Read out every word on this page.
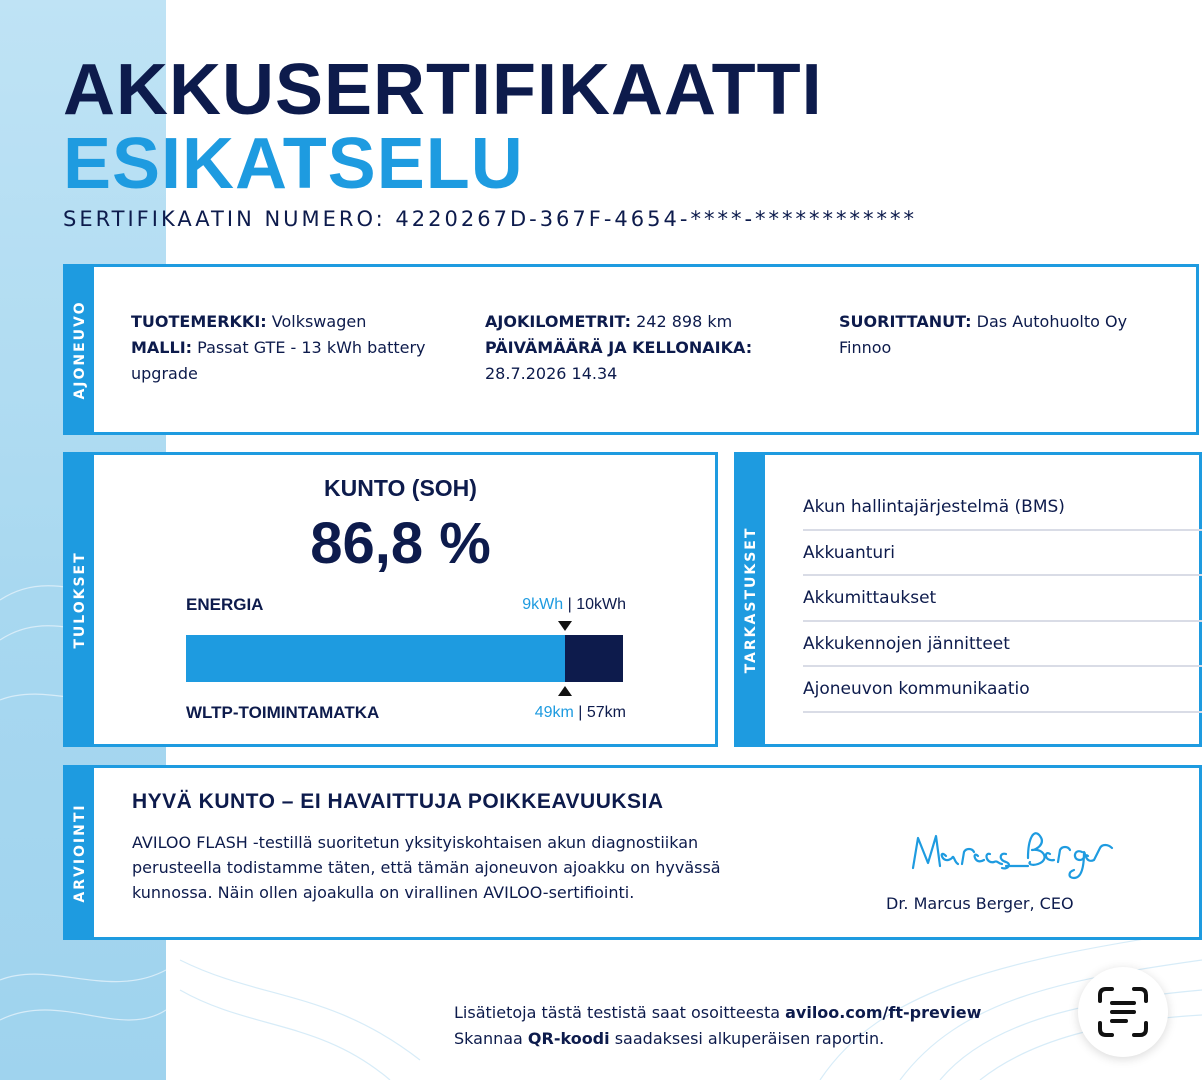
AKKUSERTIFIKAATTI
ESIKATSELU
SERTIFIKAATIN NUMERO: 4220267D-367F-4654-****-************
AJONEUVO	TUOTEMERKKI: Volkswagen
MALLI: Passat GTE - 13 kWh battery upgrade
AJOKILOMETRIT: 242 898 km
PÄIVÄMÄÄRÄ JA KELLONAIKA:
28.7.2026 14.34
SUORITTANUT: Das Autohuolto Oy Finnoo
TULOKSET
KUNTO (SOH)
86,8 %
ENERGIA	9kWh | 10kWh
WLTP-TOIMINTAMATKA	49km | 57km
TARKASTUKSET
Akun hallintajärjestelmä (BMS)
Akkuanturi
Akkumittaukset
Akkukennojen jännitteet
Ajoneuvon kommunikaatio
ARVIOINTI
HYVÄ KUNTO – EI HAVAITTUJA POIKKEAVUUKSIA
AVILOO FLASH -testillä suoritetun yksityiskohtaisen akun diagnostiikan perusteella todistamme täten, että tämän ajoneuvon ajoakku on hyvässä kunnossa. Näin ollen ajoakulla on virallinen AVILOO-sertifiointi.
Dr. Marcus Berger, CEO
Lisätietoja tästä testistä saat osoitteesta aviloo.com/ft-preview
Skannaa QR-koodi saadaksesi alkuperäisen raportin.
